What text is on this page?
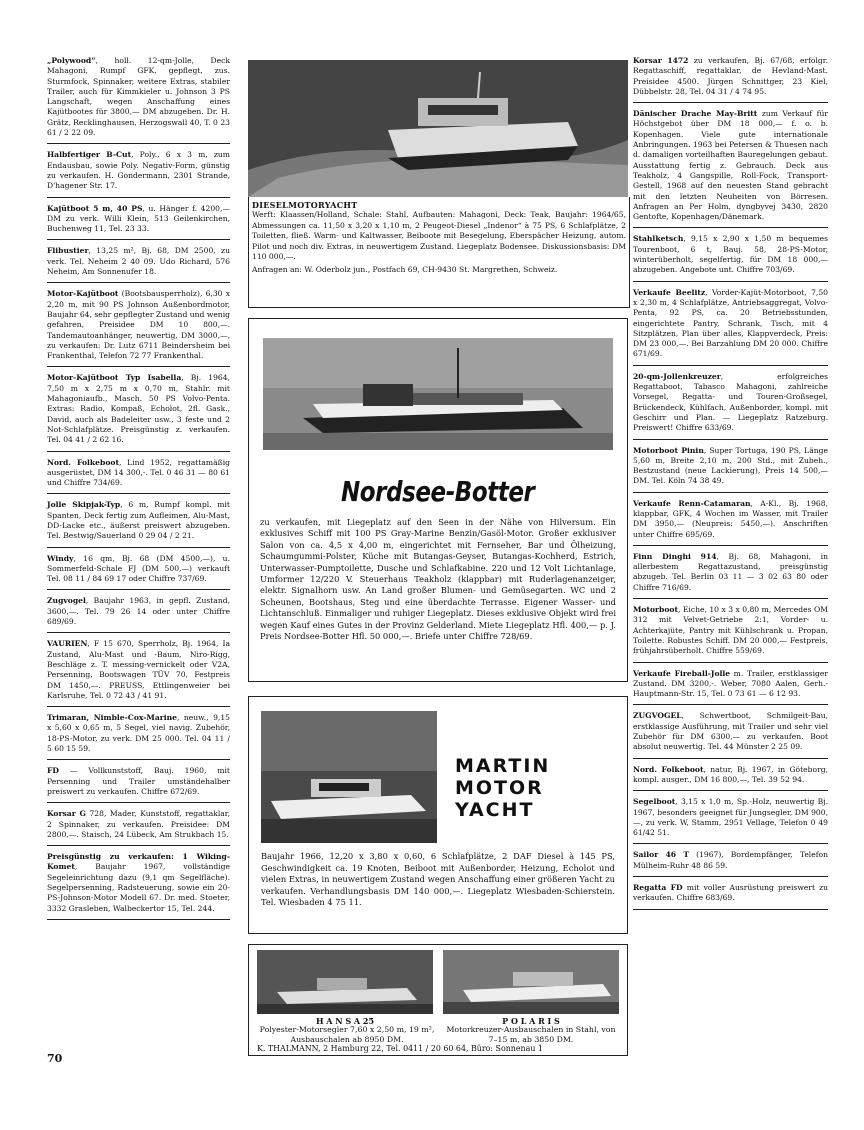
„Polywood“, holl. 12-qm-Jolle, Deck Mahagoni, Rumpf GFK, gepflegt, zus. Sturmfock, Spinnaker, weitere Extras, stabiler Trailer, auch für Kimmkieler u. Johnson 3 PS Langschaft, wegen Anschaffung eines Kajütbootes für 3800,— DM abzugeben. Dr. H. Grätz, Recklinghausen, Herzogswall 40, T. 0 23 61 / 2 22 09.

Halbfertiger B-Cut, Poly., 6 x 3 m, zum Endausbau, sowie Poly. Negativ-Form, günstig zu verkaufen. H. Gondermann, 2301 Strande, D'hagener Str. 17.

Kajütboot 5 m, 40 PS, u. Hänger f. 4200,— DM zu verk. Willi Klein, 513 Geilenkirchen, Buchenweg 11, Tel. 23 33.

Flibustier, 13,25 m², Bj. 68, DM 2500, zu verk. Tel. Neheim 2 40 09. Udo Richard, 576 Neheim, Am Sonnenufer 18.

Motor-Kajütboot (Bootsbausperrholz), 6,30 x 2,20 m, mit 90 PS Johnson Außenbordmotor, Baujahr 64, sehr gepflegter Zustand und wenig gefahren, Preisidee DM 10 800,—. Tandemautoanhänger, neuwertig, DM 3000,—, zu verkaufen: Dr. Lutz 6711 Beindersheim bei Frankenthal, Telefon 72 77 Frankenthal.

Motor-Kajütboot Typ Isabella, Bj. 1964, 7,50 m x 2,75 m x 0,70 m, Stahlr. mit Mahagoniaufb., Masch. 50 PS Volvo-Penta. Extras: Radio, Kompaß, Echolot, 2fl. Gask., David, auch als Badeleiter usw., 3 feste und 2 Not-Schlafplätze. Preisgünstig z. verkaufen. Tel. 04 41 / 2 62 16.

Nord. Folkeboot, Lind 1952, regattamäßig ausgerüstet, DM 14 300,-. Tel. 0 46 31 — 80 61 und Chiffre 734/69.

Jolle Skipjak-Typ, 6 m, Rumpf kompl. mit Spanten, Deck fertig zum Aufleimen, Alu-Mast, DD-Lacke etc., äußerst preiswert abzugeben. Tel. Bestwig/Sauerland 0 29 04 / 2 21.

Windy, 16 qm, Bj. 68 (DM 4500,—), u. Sommerfeld-Schale FJ (DM 500,—) verkauft Tel. 08 11 / 84 69 17 oder Chiffre 737/69.

Zugvogel, Baujahr 1963, in gepfl. Zustand, 3600,—. Tel. 79 26 14 oder unter Chiffre 689/69.

VAURIEN, F 15 670, Sperrholz, Bj. 1964, Ia Zustand, Alu-Mast und -Baum, Niro-Rigg, Beschläge z. T. messing-vernickelt oder V2A, Persenning, Bootswagen TÜV 70, Festpreis DM 1450,—. PREUSS, Ettlingenweier bei Karlsruhe, Tel. 0 72 43 / 41 91.

Trimaran, Nimble-Cox-Marine, neuw., 9,15 x 5,60 x 0,65 m, 5 Segel, viel navig. Zubehör, 18-PS-Motor, zu verk. DM 25 000. Tel. 04 11 / 5 60 15 59.

FD — Vollkunststoff, Bauj. 1960, mit Persenning und Trailer umständehalber preiswert zu verkaufen. Chiffre 672/69.

Korsar G 728, Mader, Kunststoff, regattaklar, 2 Spinnaker, zu verkaufen. Preisidee: DM 2800,—. Staisch, 24 Lübeck, Am Strukbach 15.

Preisgünstig zu verkaufen: 1 Wiking-Komet, Baujahr 1967, vollständige Segeleinrichtung dazu (9,1 qm Segelfläche). Segelpersenning, Radsteuerung, sowie ein 20-PS-Johnson-Motor Modell 67. Dr. med. Stoeter, 3332 Grasleben, Walbeckertor 15, Tel. 244.

Korsar 1472 zu verkaufen, Bj. 67/68, erfolgr. Regattaschiff, regattaklar, de Hevland-Mast. Preisidee 4500. Jürgen Schnittger, 23 Kiel, Dübbelstr. 28, Tel. 04 31 / 4 74 95.

Dänischer Drache May-Britt zum Verkauf für Höchstgebot über DM 18 000,— f. o. b. Kopenhagen. Viele gute internationale Anbringungen. 1963 bei Petersen & Thuesen nach d. damaligen vorteilhaften Bauregelungen gebaut. Ausstattung fertig z. Gebrauch. Deck aus Teakholz, 4 Gangspille, Roll-Fock, Transport-Gestell, 1968 auf den neuesten Stand gebracht mit den letzten Neuheiten von Börresen. Anfragen an Per Holm, dyngbyvej 3430, 2820 Gentofte, Kopenhagen/Dänemark.

Stahlketsch, 9,15 x 2,90 x 1,50 m bequemes Tourenboot, 6 t, Bauj. 58, 28-PS-Motor, winterüberholt, segelfertig, für DM 18 000,— abzugeben. Angebote unt. Chiffre 703/69.

Verkaufe Beelitz, Vorder-Kajüt-Motorboot, 7,50 x 2,30 m, 4 Schlafplätze, Antriebsaggregat, Volvo-Penta, 92 PS, ca. 20 Betriebsstunden, eingerichtete Pantry, Schrank, Tisch, mit 4 Sitzplätzen, Plan über alles, Klappverdeck, Preis: DM 23 000,—. Bei Barzahlung DM 20 000. Chiffre 671/69.

20-qm-Jollenkreuzer, erfolgreiches Regattaboot, Tabasco Mahagoni, zahlreiche Vorsegel, Regatta- und Touren-Großsegel, Brückendeck, Kühlfach, Außenborder, kompl. mit Geschirr und Plan. — Liegeplatz Ratzeburg. Preiswert! Chiffre 633/69.

Motorboot Pinin, Super Tortuga, 190 PS, Länge 5,60 m, Breite 2,10 m, 200 Std., mit Zubeh., Bestzustand (neue Lackierung), Preis 14 500,— DM. Tel. Köln 74 38 49.

Verkaufe Renn-Catamaran, A-Kl., Bj. 1968, klappbar, GFK, 4 Wochen im Wasser, mit Trailer DM 3950,— (Neupreis: 5450,—). Anschriften unter Chiffre 695/69.

Finn Dinghi 914, Bj. 68, Mahagoni, in allerbestem Regattazustand, preisgünstig abzugeb. Tel. Berlin 03 11 — 3 02 63 80 oder Chiffre 716/69.

Motorboot, Eiche, 10 x 3 x 0,80 m, Mercedes OM 312 mit Velvet-Getriebe 2:1, Vorder- u. Achterkajüte, Pantry mit Kühlschrank u. Propan, Toilette. Robustes Schiff. DM 20 000,— Festpreis, frühjahrsüberholt. Chiffre 559/69.

Verkaufe Fireball-Jolle m. Trailer, erstklassiger Zustand. DM 3200,-. Weber, 7080 Aalen, Gerh.-Hauptmann-Str. 15, Tel. 0 73 61 — 6 12 93.

ZUGVOGEL, Schwertboot, Schmilgeit-Bau, erstklassige Ausführung, mit Trailer und sehr viel Zubehör für DM 6300,— zu verkaufen. Boot absolut neuwertig. Tel. 44 Münster 2 25 09.

Nord. Folkeboot, natur, Bj. 1967, in Göteborg, kompl. ausger., DM 16 800,—, Tel. 39 52 94.

Segelboot, 3,15 x 1,0 m, Sp.-Holz, neuwertig Bj. 1967, besonders geeignet für Jungsegler, DM 900,—, zu verk. W, Stamm, 2951 Vellage, Telefon 0 49 61/42 51.

Sailor 46 T (1967), Bordempfänger, Telefon Mülheim-Ruhr 48 86 59.

Regatta FD mit voller Ausrüstung preiswert zu verkaufen. Chiffre 683/69.

DIESELMOTORYACHT
Werft: Klaassen/Holland, Schale: Stahl, Aufbauten: Mahagoni, Deck: Teak, Baujahr: 1964/65, Abmessungen ca. 11,50 x 3,20 x 1,10 m, 2 Peugeot-Diesel „Indenor“ à 75 PS, 6 Schlafplätze, 2 Toiletten, fließ. Warm- und Kaltwasser, Beiboote mit Besegelung, Eberspächer Heizung, autom. Pilot und noch div. Extras, in neuwertigem Zustand. Liegeplatz Bodensee. Diskussionsbasis: DM 110 000,—.
Anfragen an: W. Oderbolz jun., Postfach 69, CH-9430 St. Margrethen, Schweiz.
Nordsee-Botter
zu verkaufen, mit Liegeplatz auf den Seen in der Nähe von Hilversum. Ein exklusives Schiff mit 100 PS Gray-Marine Benzin/Gasöl-Motor. Großer exklusiver Salon von ca. 4,5 x 4,00 m, eingerichtet mit Fernseher, Bar und Ölheizung, Schaumgummi-Polster, Küche mit Butangas-Geyser, Butangas-Kochherd, Estrich, Unterwasser-Pumptoilette, Dusche und Schlafkabine. 220 und 12 Volt Lichtanlage, Umformer 12/220 V. Steuerhaus Teakholz (klappbar) mit Ruderlagenanzeiger, elektr. Signalhorn usw. An Land großer Blumen- und Gemüsegarten. WC und 2 Scheunen, Bootshaus, Steg und eine überdachte Terrasse. Eigener Wasser- und Lichtanschluß. Einmaliger und ruhiger Liegeplatz. Dieses exklusive Objekt wird frei wegen Kauf eines Gutes in der Provinz Gelderland. Miete Liegeplatz Hfl. 400,— p. J. Preis Nordsee-Botter Hfl. 50 000,—. Briefe unter Chiffre 728/69.
MARTIN
MOTOR
YACHT
Baujahr 1966, 12,20 x 3,80 x 0,60, 6 Schlafplätze, 2 DAF Diesel à 145 PS, Geschwindigkeit ca. 19 Knoten, Beiboot mit Außenborder, Heizung, Echolot und vielen Extras, in neuwertigem Zustand wegen Anschaffung einer größeren Yacht zu verkaufen. Verhandlungsbasis DM 140 000,—. Liegeplatz Wiesbaden-Schierstein. Tel. Wiesbaden 4 75 11.
H A N S A 25
Polyester-Motorsegler 7,60 x 2,50 m, 19 m², Ausbauschalen ab 8950 DM.
P O L A R I S
Motorkreuzer-Ausbauschalen in Stahl, von 7–15 m, ab 3850 DM.
K. THALMANN, 2 Hamburg 22, Tel. 0411 / 20 60 64, Büro: Sonnenau 1
70
